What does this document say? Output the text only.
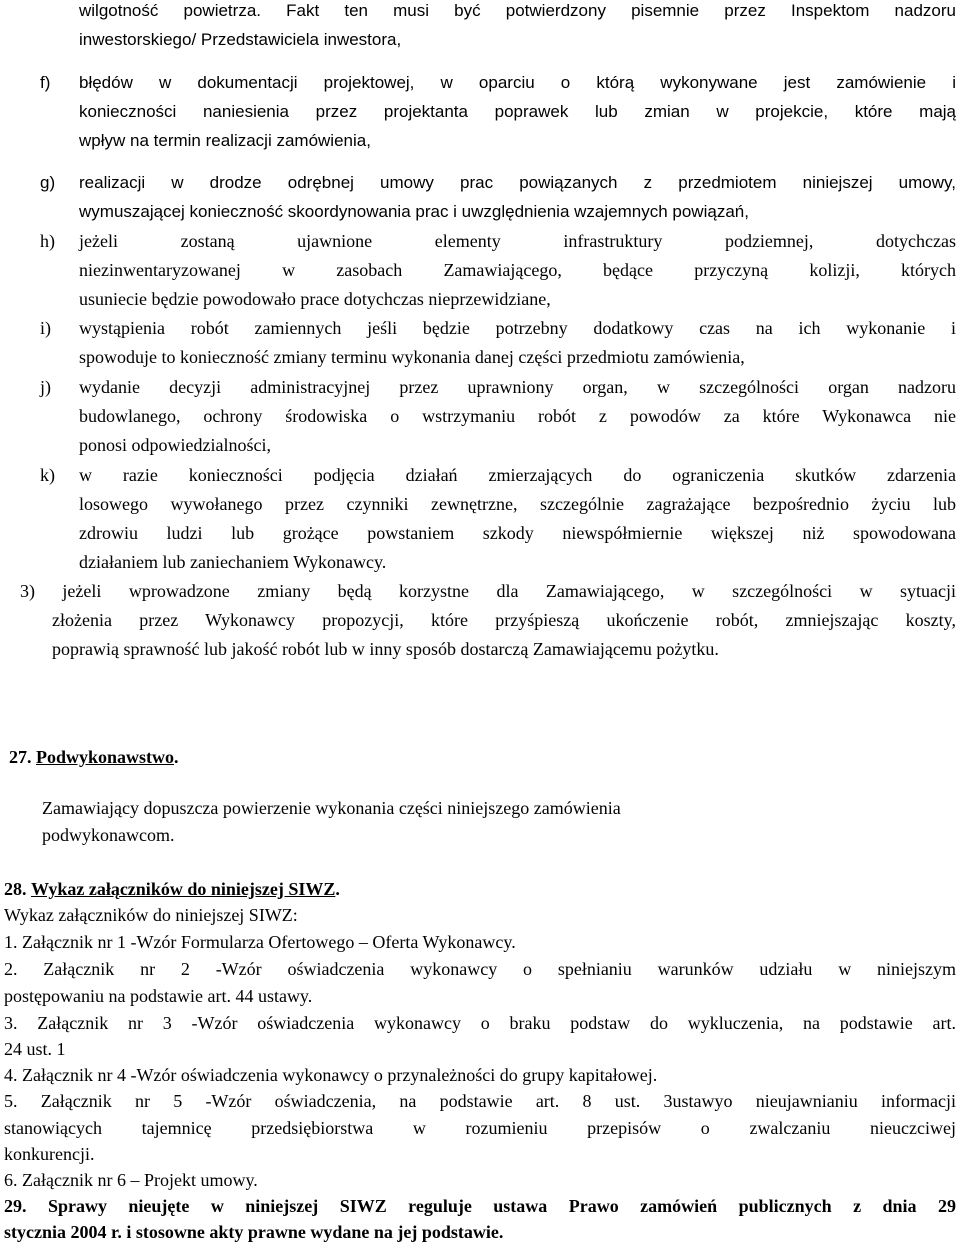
wilgotność powietrza. Fakt ten musi być potwierdzony pisemnie przez Inspektom nadzoru
inwestorskiego/ Przedstawiciela inwestora,
f) błędów w dokumentacji projektowej, w oparciu o którą wykonywane jest zamówienie i
konieczności naniesienia przez projektanta poprawek lub zmian w projekcie, które mają
wpływ na termin realizacji zamówienia,
g) realizacji w drodze odrębnej umowy prac powiązanych z przedmiotem niniejszej umowy,
wymuszającej konieczność skoordynowania prac i uwzględnienia wzajemnych powiązań,
h) jeżeli zostaną ujawnione elementy infrastruktury podziemnej, dotychczas
niezinwentaryzowanej w zasobach Zamawiającego, będące przyczyną kolizji, których
usuniecie będzie powodowało prace dotychczas nieprzewidziane,
i) wystąpienia robót zamiennych jeśli będzie potrzebny dodatkowy czas na ich wykonanie i
spowoduje to konieczność zmiany terminu wykonania danej części przedmiotu zamówienia,
j) wydanie decyzji administracyjnej przez uprawniony organ, w szczególności organ nadzoru
budowlanego, ochrony środowiska o wstrzymaniu robót z powodów za które Wykonawca nie
ponosi odpowiedzialności,
k) w razie konieczności podjęcia działań zmierzających do ograniczenia skutków zdarzenia
losowego wywołanego przez czynniki zewnętrzne, szczególnie zagrażające bezpośrednio życiu lub
zdrowiu ludzi lub grożące powstaniem szkody niewspółmiernie większej niż spowodowana
działaniem lub zaniechaniem Wykonawcy.
3) jeżeli wprowadzone zmiany będą korzystne dla Zamawiającego, w szczególności w sytuacji
złożenia przez Wykonawcy propozycji, które przyśpieszą ukończenie robót, zmniejszając koszty,
poprawią sprawność lub jakość robót lub w inny sposób dostarczą Zamawiającemu pożytku.
27. Podwykonawstwo.
Zamawiający dopuszcza powierzenie wykonania części niniejszego zamówienia
podwykonawcom.
28. Wykaz załączników do niniejszej SIWZ.
Wykaz załączników do niniejszej SIWZ:
1. Załącznik nr 1 -Wzór Formularza Ofertowego – Oferta Wykonawcy.
2. Załącznik nr 2 -Wzór oświadczenia wykonawcy o spełnianiu warunków udziału w niniejszym
postępowaniu na podstawie art. 44 ustawy.
3. Załącznik nr 3 -Wzór oświadczenia wykonawcy o braku podstaw do wykluczenia, na podstawie art.
24 ust. 1
4. Załącznik nr 4 -Wzór oświadczenia wykonawcy o przynależności do grupy kapitałowej.
5. Załącznik nr 5 -Wzór oświadczenia, na podstawie art. 8 ust. 3ustawyo nieujawnianiu informacji
stanowiących tajemnicę przedsiębiorstwa w rozumieniu przepisów o zwalczaniu nieuczciwej
konkurencji.
6. Załącznik nr 6 – Projekt umowy.
29. Sprawy nieujęte w niniejszej SIWZ reguluje ustawa Prawo zamówień publicznych z dnia 29
stycznia 2004 r. i stosowne akty prawne wydane na jej podstawie.
